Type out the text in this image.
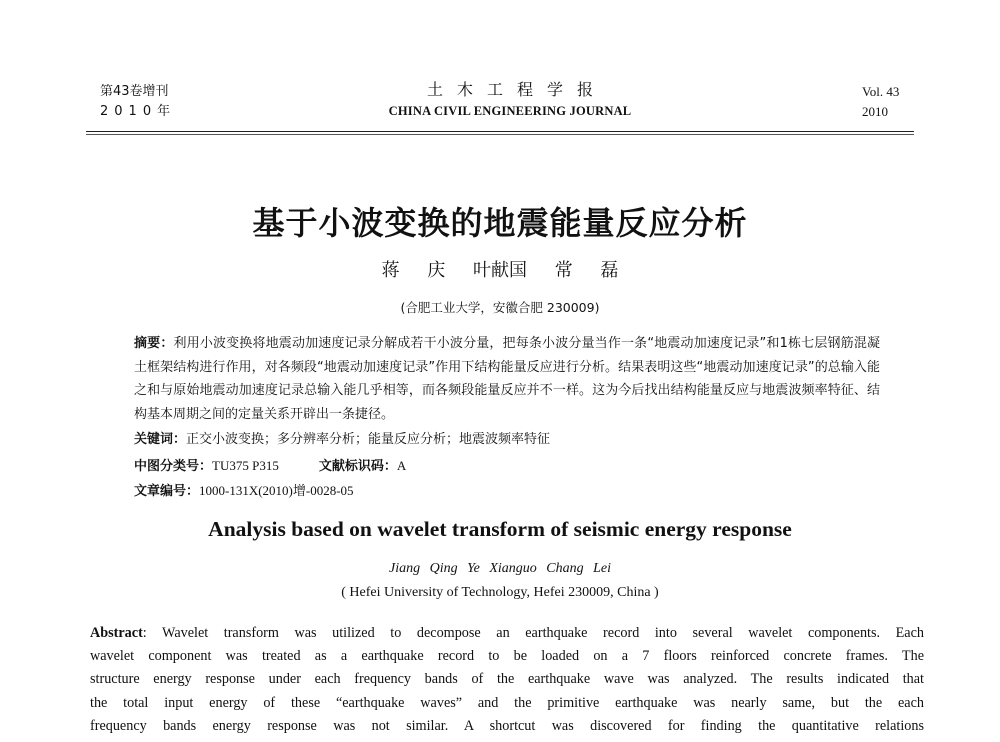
第43卷增刊
2010年
土木工程学报
CHINA CIVIL ENGINEERING JOURNAL
Vol. 43
2010
基于小波变换的地震能量反应分析
蒋 庆 叶献国 常 磊
(合肥工业大学，安徽合肥 230009)
摘要：利用小波变换将地震动加速度记录分解成若干小波分量，把每条小波分量当作一条“地震动加速度记录”和1栋七层钢筋混凝土框架结构进行作用，对各频段“地震动加速度记录”作用下结构能量反应进行分析。结果表明这些“地震动加速度记录”的总输入能之和与原始地震动加速度记录总输入能几乎相等，而各频段能量反应并不一样。这为今后找出结构能量反应与地震波频率特征、结构基本周期之间的定量关系开辟出一条捷径。
关键词：正交小波变换；多分辨率分析；能量反应分析；地震波频率特征
中图分类号：TU375 P315	文献标识码：A
文章编号：1000-131X(2010)增-0028-05
Analysis based on wavelet transform of seismic energy response
Jiang Qing Ye Xianguo Chang Lei
( Hefei University of Technology, Hefei 230009, China )
Abstract: Wavelet transform was utilized to decompose an earthquake record into several wavelet components. Each
wavelet component was treated as a earthquake record to be loaded on a 7 floors reinforced concrete frames. The
structure energy response under each frequency bands of the earthquake wave was analyzed. The results indicated that
the total input energy of these “earthquake waves” and the primitive earthquake was nearly same, but the each
frequency bands energy response was not similar. A shortcut was discovered for finding the quantitative relations
